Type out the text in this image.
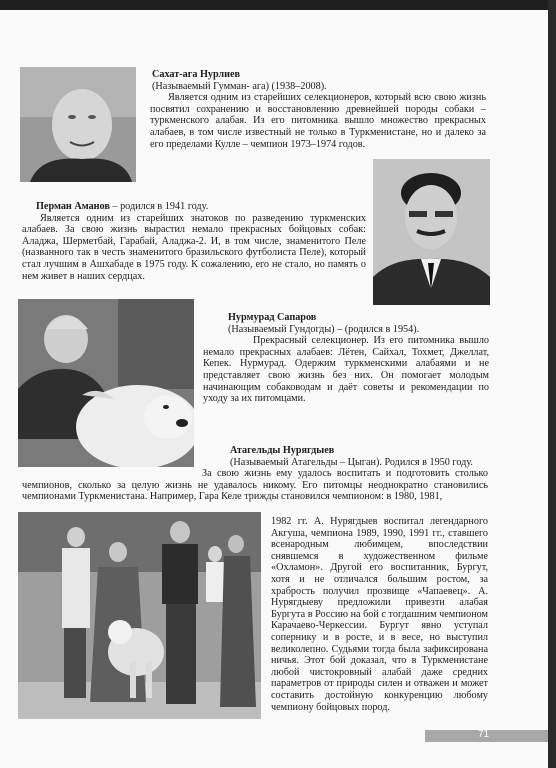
Сахат-ага Нурлиев

(Называемый Гумман- ага) (1938–2008).

Является одним из старейших селекционеров, который всю свою жизнь посвятил сохранению и восстановлению древнейшей породы собаки – туркменского алабая. Из его питомника вышло множество прекрасных алабаев, в том числе известный не только в Туркменистане, но и далеко за его пределами Кулле – чемпион 1973–1974 годов.

Перман Аманов – родился в 1941 году.

Является одним из старейших знатоков по разведению туркменских алабаев. За свою жизнь вырастил немало прекрасных бойцовых собак: Аладжа, Шерметбай, Гарабай, Аладжа-2. И, в том числе, знаменитого Пеле (названного так в честь знаменитого бразильского футболиста Пеле), который стал лучшим в Ашхабаде в 1975 году. К сожалению, его не стало, но память о нем живет в наших сердцах.

Нурмурад Сапаров

(Называемый Гундогды) – (родился в 1954).

Прекрасный селекционер. Из его питомника вышло немало прекрасных алабаев: Лётен, Сайхал, Тохмет, Джеллат, Кепек. Нурмурад. Одержим туркменскими алабаями и не представляет свою жизнь без них. Он помогает молодым начинающим собаководам и даёт советы и рекомендации по уходу за их питомцами.

Атагельды Нурягдыев

(Называемый Атагельды – Цыган). Родился в 1950 году.

За свою жизнь ему удалось воспитать и подготовить столько чемпионов, сколько за целую жизнь не удавалось никому. Его питомцы неоднократно становились чемпионами Туркменистана. Например, Гара Келе трижды становился чемпионом: в 1980, 1981,

1982 гг. А. Нурягдыев воспитал легендарного Акгуша, чемпиона 1989, 1990, 1991 гг., ставшего всенародным любимцем, впоследствии снявшемся в художественном фильме «Охламон». Другой его воспитанник, Бургут, хотя и не отличался большим ростом, за храбрость получил прозвище «Чапаевец». А. Нурягдыеву предложили привезти алабая Бургута в Россию на бой с тогдашним чемпионом Карачаево-Черкессии. Бургут явно уступал сопернику и в росте, и в весе, но выступил великолепно. Судьями тогда была зафиксирована ничья. Этот бой доказал, что в Туркменистане любой чистокровный алабай даже средних параметров от природы силен и отважен и может составить достойную конкуренцию любому чемпиону бойцовых пород.

71
